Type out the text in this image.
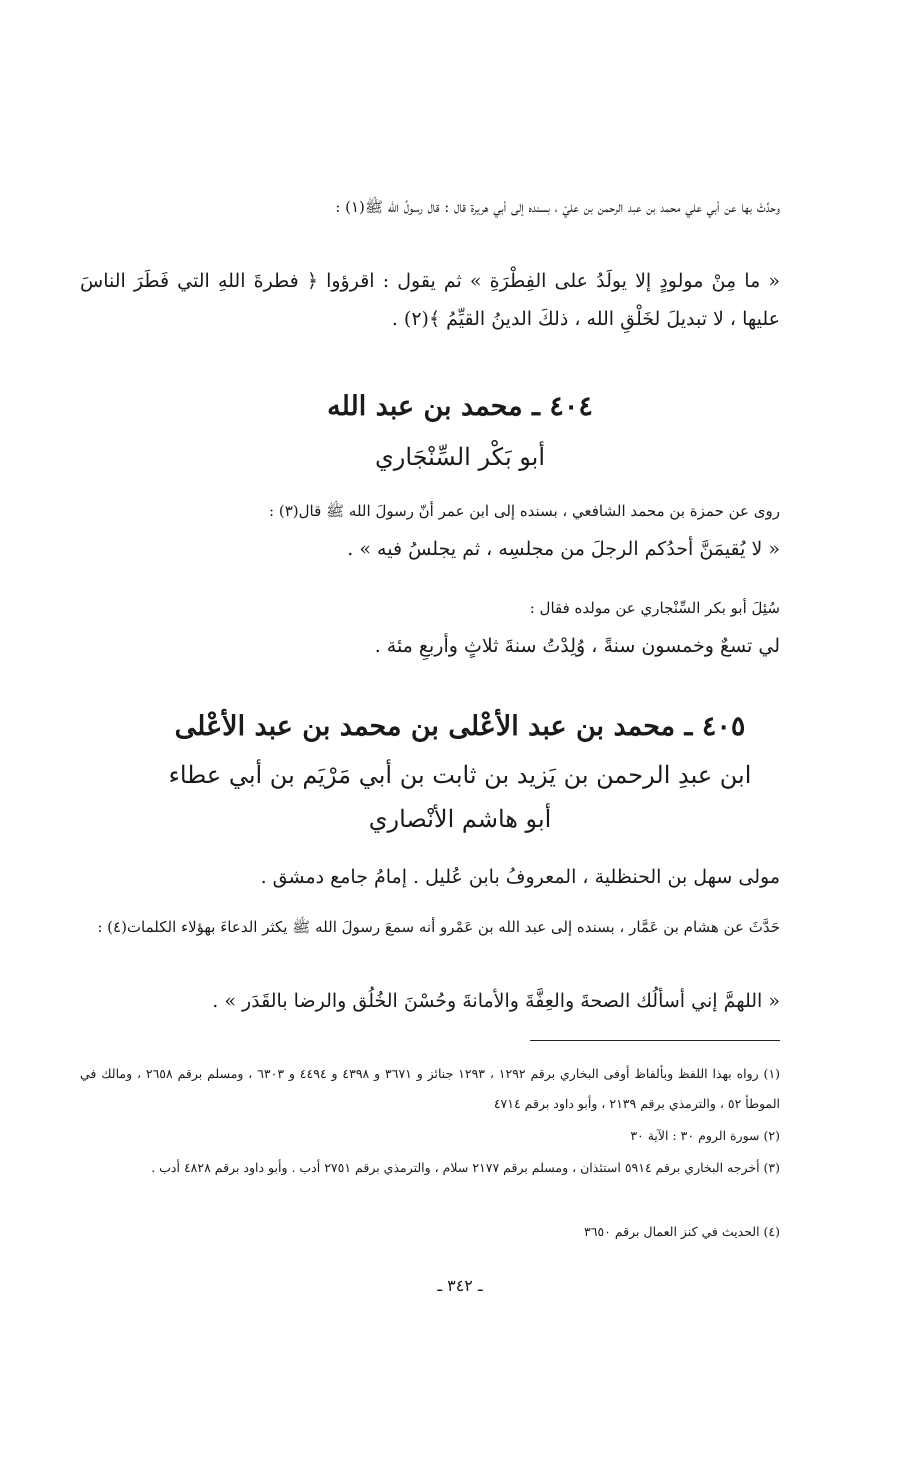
وحدَّثَ بها عن أبي علي محمد بن عبد الرحمن بن عليّ ، بسنده إلى أبي هريرة قال : قال رسولُ الله ﷺ(١) :

« ما مِنْ مولودٍ إلا يولَدُ على الفِطْرَةِ » ثم يقول : اقرؤوا ﴿ فطرةَ اللهِ التي فَطَرَ الناسَ عليها ، لا تبديلَ لخَلْقِ الله ، ذلكَ الدينُ القيِّمُ ﴾(٢) .

٤٠٤ ـ محمد بن عبد الله
أبو بَكْر السِّنْجَاري

روى عن حمزة بن محمد الشافعي ، بسنده إلى ابن عمر أنّ رسولَ الله ﷺ قال(٣) :

« لا يُقيمَنَّ أحدُكم الرجلَ من مجلسِه ، ثم يجلسُ فيه » .

سُئِلَ أبو بكر السِّنْجاري عن مولده فقال :

لي تسعٌ وخمسون سنةً ، وُلِدْتُ سنةَ ثلاثٍ وأربعِ مئة .

٤٠٥ ـ محمد بن عبد الأعْلى بن محمد بن عبد الأعْلى
ابن عبدِ الرحمن بن يَزيد بن ثابت بن أبي مَرْيَم بن أبي عطاء
أبو هاشم الأنْصاري

مولى سهل بن الحنظلية ، المعروفُ بابن عُليل . إمامُ جامع دمشق .

حَدَّثَ عن هشام بن عَمَّار ، بسنده إلى عبد الله بن عَمْرو أنه سمعَ رسولَ الله ﷺ يكثر الدعاءَ بهؤلاء الكلمات(٤) :

« اللهمَّ إني أسألُك الصحةَ والعِفَّةَ والأمانةَ وحُسْنَ الخُلُق والرضا بالقَدَر » .

(١) رواه بهذا اللفظ وبألفاظ أوفى البخاري برقم ١٢٩٢ ، ١٢٩٣ جنائز و ٣٦٧١ و ٤٣٩٨ و ٤٤٩٤ و ٦٣٠٣ ، ومسلم برقم ٢٦٥٨ ، ومالك في الموطأ ٥٢ ، والترمذي برقم ٢١٣٩ ، وأبو داود برقم ٤٧١٤

(٢) سورة الروم ٣٠ : الآية ٣٠

(٣) أخرجه البخاري برقم ٥٩١٤ استئذان ، ومسلم برقم ٢١٧٧ سلام ، والترمذي برقم ٢٧٥١ أدب . وأبو داود برقم ٤٨٢٨ أدب .

(٤) الحديث في كنز العمال برقم ٣٦٥٠

ـ ٣٤٢ ـ
